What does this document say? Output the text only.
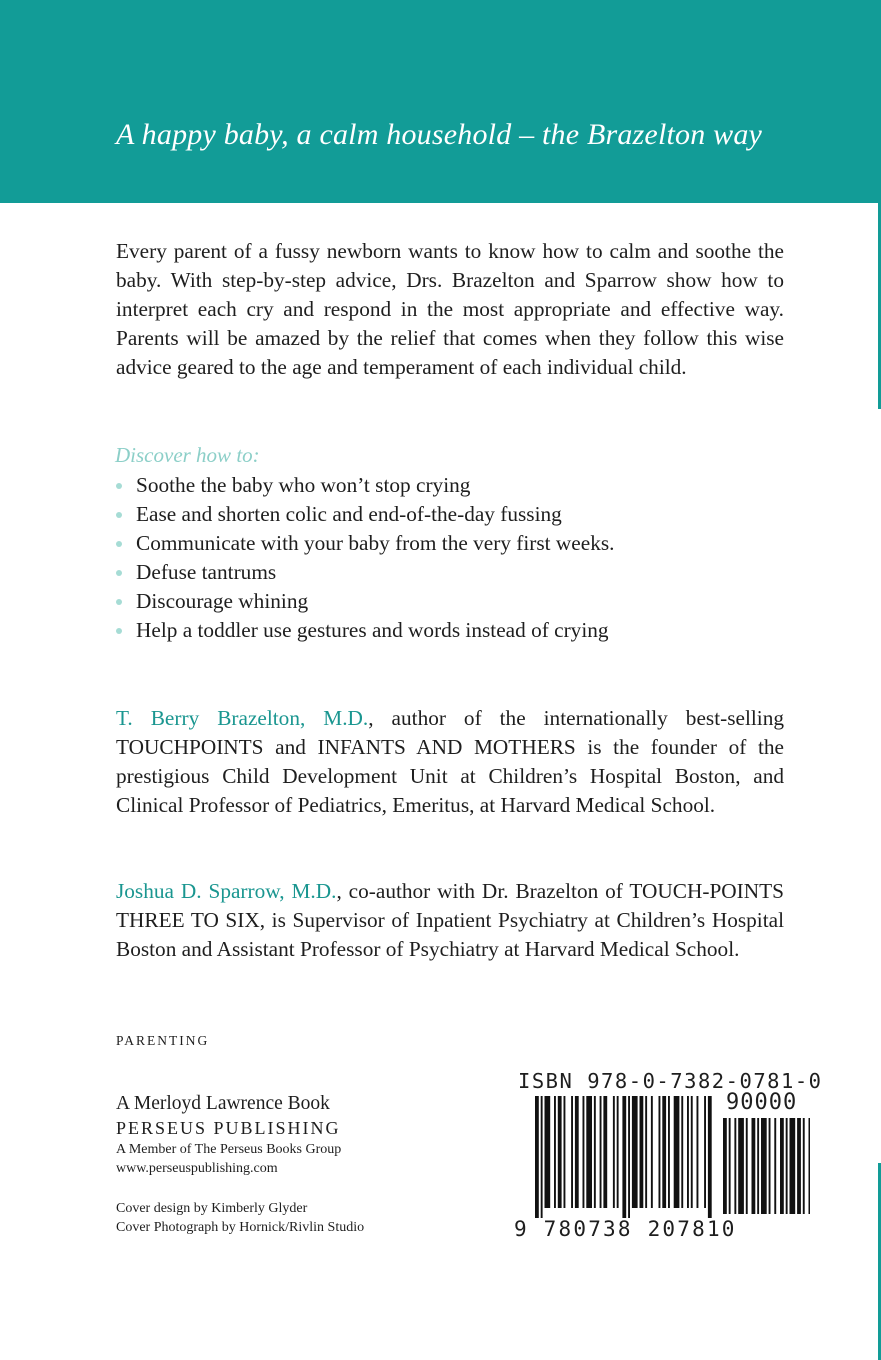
A happy baby, a calm household – the Brazelton way

Every parent of a fussy newborn wants to know how to calm and soothe the baby. With step-by-step advice, Drs. Brazelton and Sparrow show how to interpret each cry and respond in the most appropriate and effective way. Parents will be amazed by the relief that comes when they follow this wise advice geared to the age and temperament of each individual child.

Discover how to:
Soothe the baby who won’t stop crying
Ease and shorten colic and end-of-the-day fussing
Communicate with your baby from the very first weeks.
Defuse tantrums
Discourage whining
Help a toddler use gestures and words instead of crying

T. Berry Brazelton, M.D., author of the internationally best-selling TOUCHPOINTS and INFANTS AND MOTHERS is the founder of the prestigious Child Development Unit at Children’s Hospital Boston, and Clinical Professor of Pediatrics, Emeritus, at Harvard Medical School.

Joshua D. Sparrow, M.D., co-author with Dr. Brazelton of TOUCH-POINTS THREE TO SIX, is Supervisor of Inpatient Psychiatry at Children’s Hospital Boston and Assistant Professor of Psychiatry at Harvard Medical School.

PARENTING
A Merloyd Lawrence Book
PERSEUS PUBLISHING
A Member of The Perseus Books Group
www.perseuspublishing.com
Cover design by Kimberly Glyder
Cover Photograph by Hornick/Rivlin Studio
ISBN 978-0-7382-0781-0
90000
9 780738 207810
